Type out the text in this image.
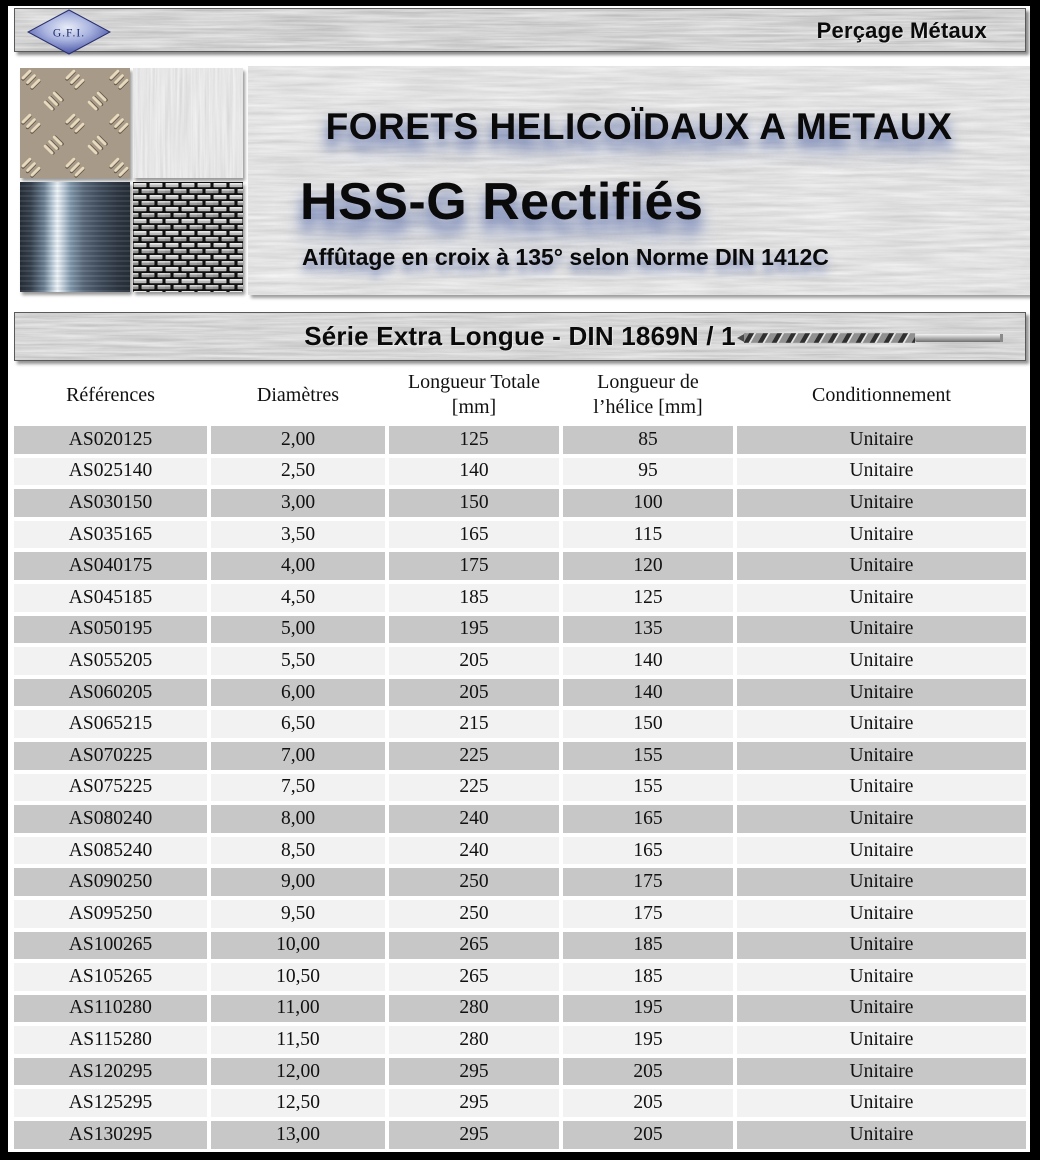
G.F.I.	Perçage Métaux
FORETS HELICOÏDAUX A METAUX
HSS-G Rectifiés
Affûtage en croix à 135° selon Norme DIN 1412C
Série Extra Longue - DIN 1869N / 1
Références	Diamètres	Longueur Totale [mm]	Longueur de l’hélice [mm]	Conditionnement
AS020125	2,00	125	85	Unitaire
AS025140	2,50	140	95	Unitaire
AS030150	3,00	150	100	Unitaire
AS035165	3,50	165	115	Unitaire
AS040175	4,00	175	120	Unitaire
AS045185	4,50	185	125	Unitaire
AS050195	5,00	195	135	Unitaire
AS055205	5,50	205	140	Unitaire
AS060205	6,00	205	140	Unitaire
AS065215	6,50	215	150	Unitaire
AS070225	7,00	225	155	Unitaire
AS075225	7,50	225	155	Unitaire
AS080240	8,00	240	165	Unitaire
AS085240	8,50	240	165	Unitaire
AS090250	9,00	250	175	Unitaire
AS095250	9,50	250	175	Unitaire
AS100265	10,00	265	185	Unitaire
AS105265	10,50	265	185	Unitaire
AS110280	11,00	280	195	Unitaire
AS115280	11,50	280	195	Unitaire
AS120295	12,00	295	205	Unitaire
AS125295	12,50	295	205	Unitaire
AS130295	13,00	295	205	Unitaire
